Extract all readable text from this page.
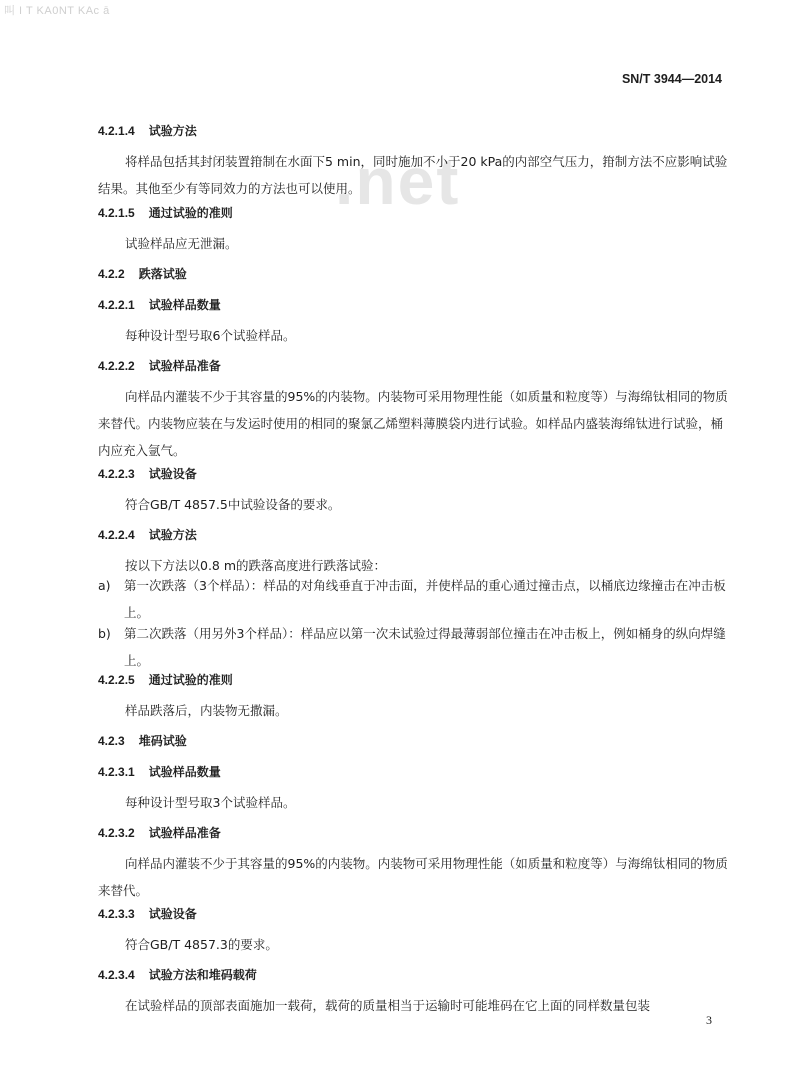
叫 I T KA0NT KAc ā
.net
SN/T 3944—2014
4.2.1.4 试验方法
将样品包括其封闭装置箝制在水面下5 min，同时施加不小于20 kPa的内部空气压力，箝制方法不应影响试验结果。其他至少有等同效力的方法也可以使用。
4.2.1.5 通过试验的准则
试验样品应无泄漏。
4.2.2 跌落试验
4.2.2.1 试验样品数量
每种设计型号取6个试验样品。
4.2.2.2 试验样品准备
向样品内灌装不少于其容量的95%的内装物。内装物可采用物理性能（如质量和粒度等）与海绵钛相同的物质来替代。内装物应装在与发运时使用的相同的聚氯乙烯塑料薄膜袋内进行试验。如样品内盛装海绵钛进行试验，桶内应充入氩气。
4.2.2.3 试验设备
符合GB/T 4857.5中试验设备的要求。
4.2.2.4 试验方法
按以下方法以0.8 m的跌落高度进行跌落试验：
a) 第一次跌落（3个样品）：样品的对角线垂直于冲击面，并使样品的重心通过撞击点，以桶底边缘撞击在冲击板上。
b) 第二次跌落（用另外3个样品）：样品应以第一次未试验过得最薄弱部位撞击在冲击板上，例如桶身的纵向焊缝上。
4.2.2.5 通过试验的准则
样品跌落后，内装物无撒漏。
4.2.3 堆码试验
4.2.3.1 试验样品数量
每种设计型号取3个试验样品。
4.2.3.2 试验样品准备
向样品内灌装不少于其容量的95%的内装物。内装物可采用物理性能（如质量和粒度等）与海绵钛相同的物质来替代。
4.2.3.3 试验设备
符合GB/T 4857.3的要求。
4.2.3.4 试验方法和堆码载荷
在试验样品的顶部表面施加一载荷，载荷的质量相当于运输时可能堆码在它上面的同样数量包装
3
